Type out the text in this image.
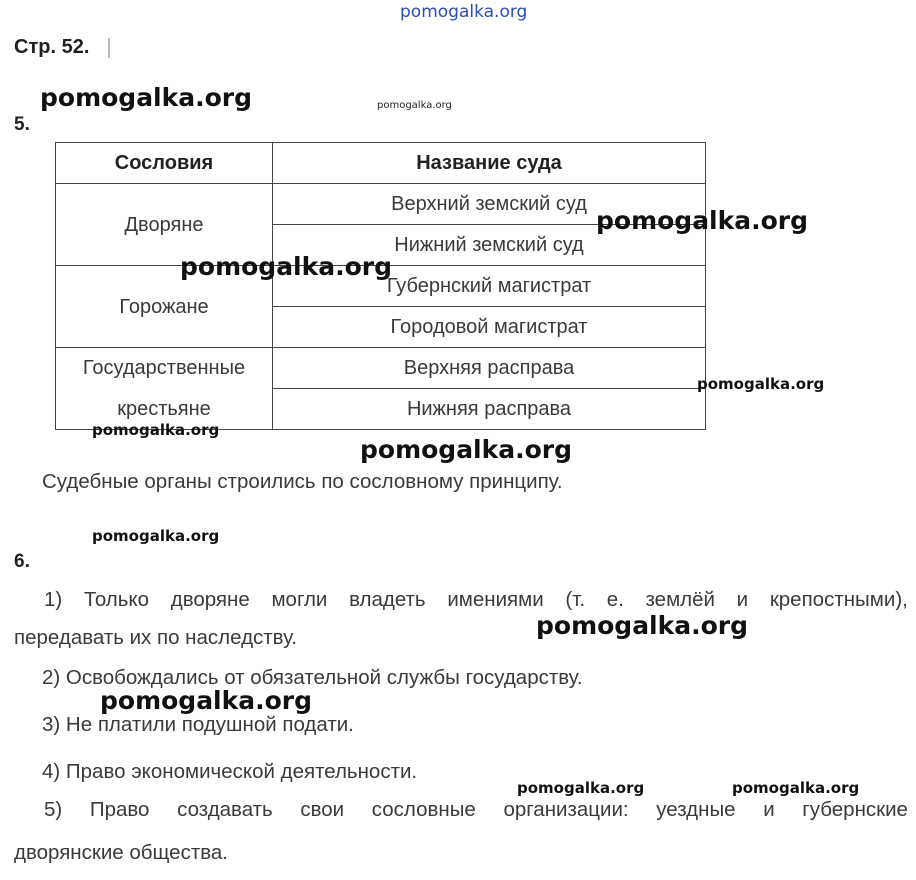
pomogalka.org
Стр. 52.
pomogalka.org	pomogalka.org
5.
Сословия	Название суда
Дворяне	Верхний земский суд
	Нижний земский суд
Горожане	Губернский магистрат
	Городовой магистрат
Государственные	Верхняя расправа
крестьяне	Нижняя расправа
pomogalka.org
pomogalka.org
pomogalka.org
pomogalka.org
pomogalka.org
Судебные органы строились по сословному принципу.
pomogalka.org
6.
1) Только дворяне могли владеть имениями (т. е. землёй и крепостными),
передавать их по наследству.	pomogalka.org
2) Освобождались от обязательной службы государству.
pomogalka.org
3) Не платили подушной подати.
4) Право экономической деятельности.
pomogalka.org	pomogalka.org
5) Право создавать свои сословные организации: уездные и губернские
дворянские общества.
